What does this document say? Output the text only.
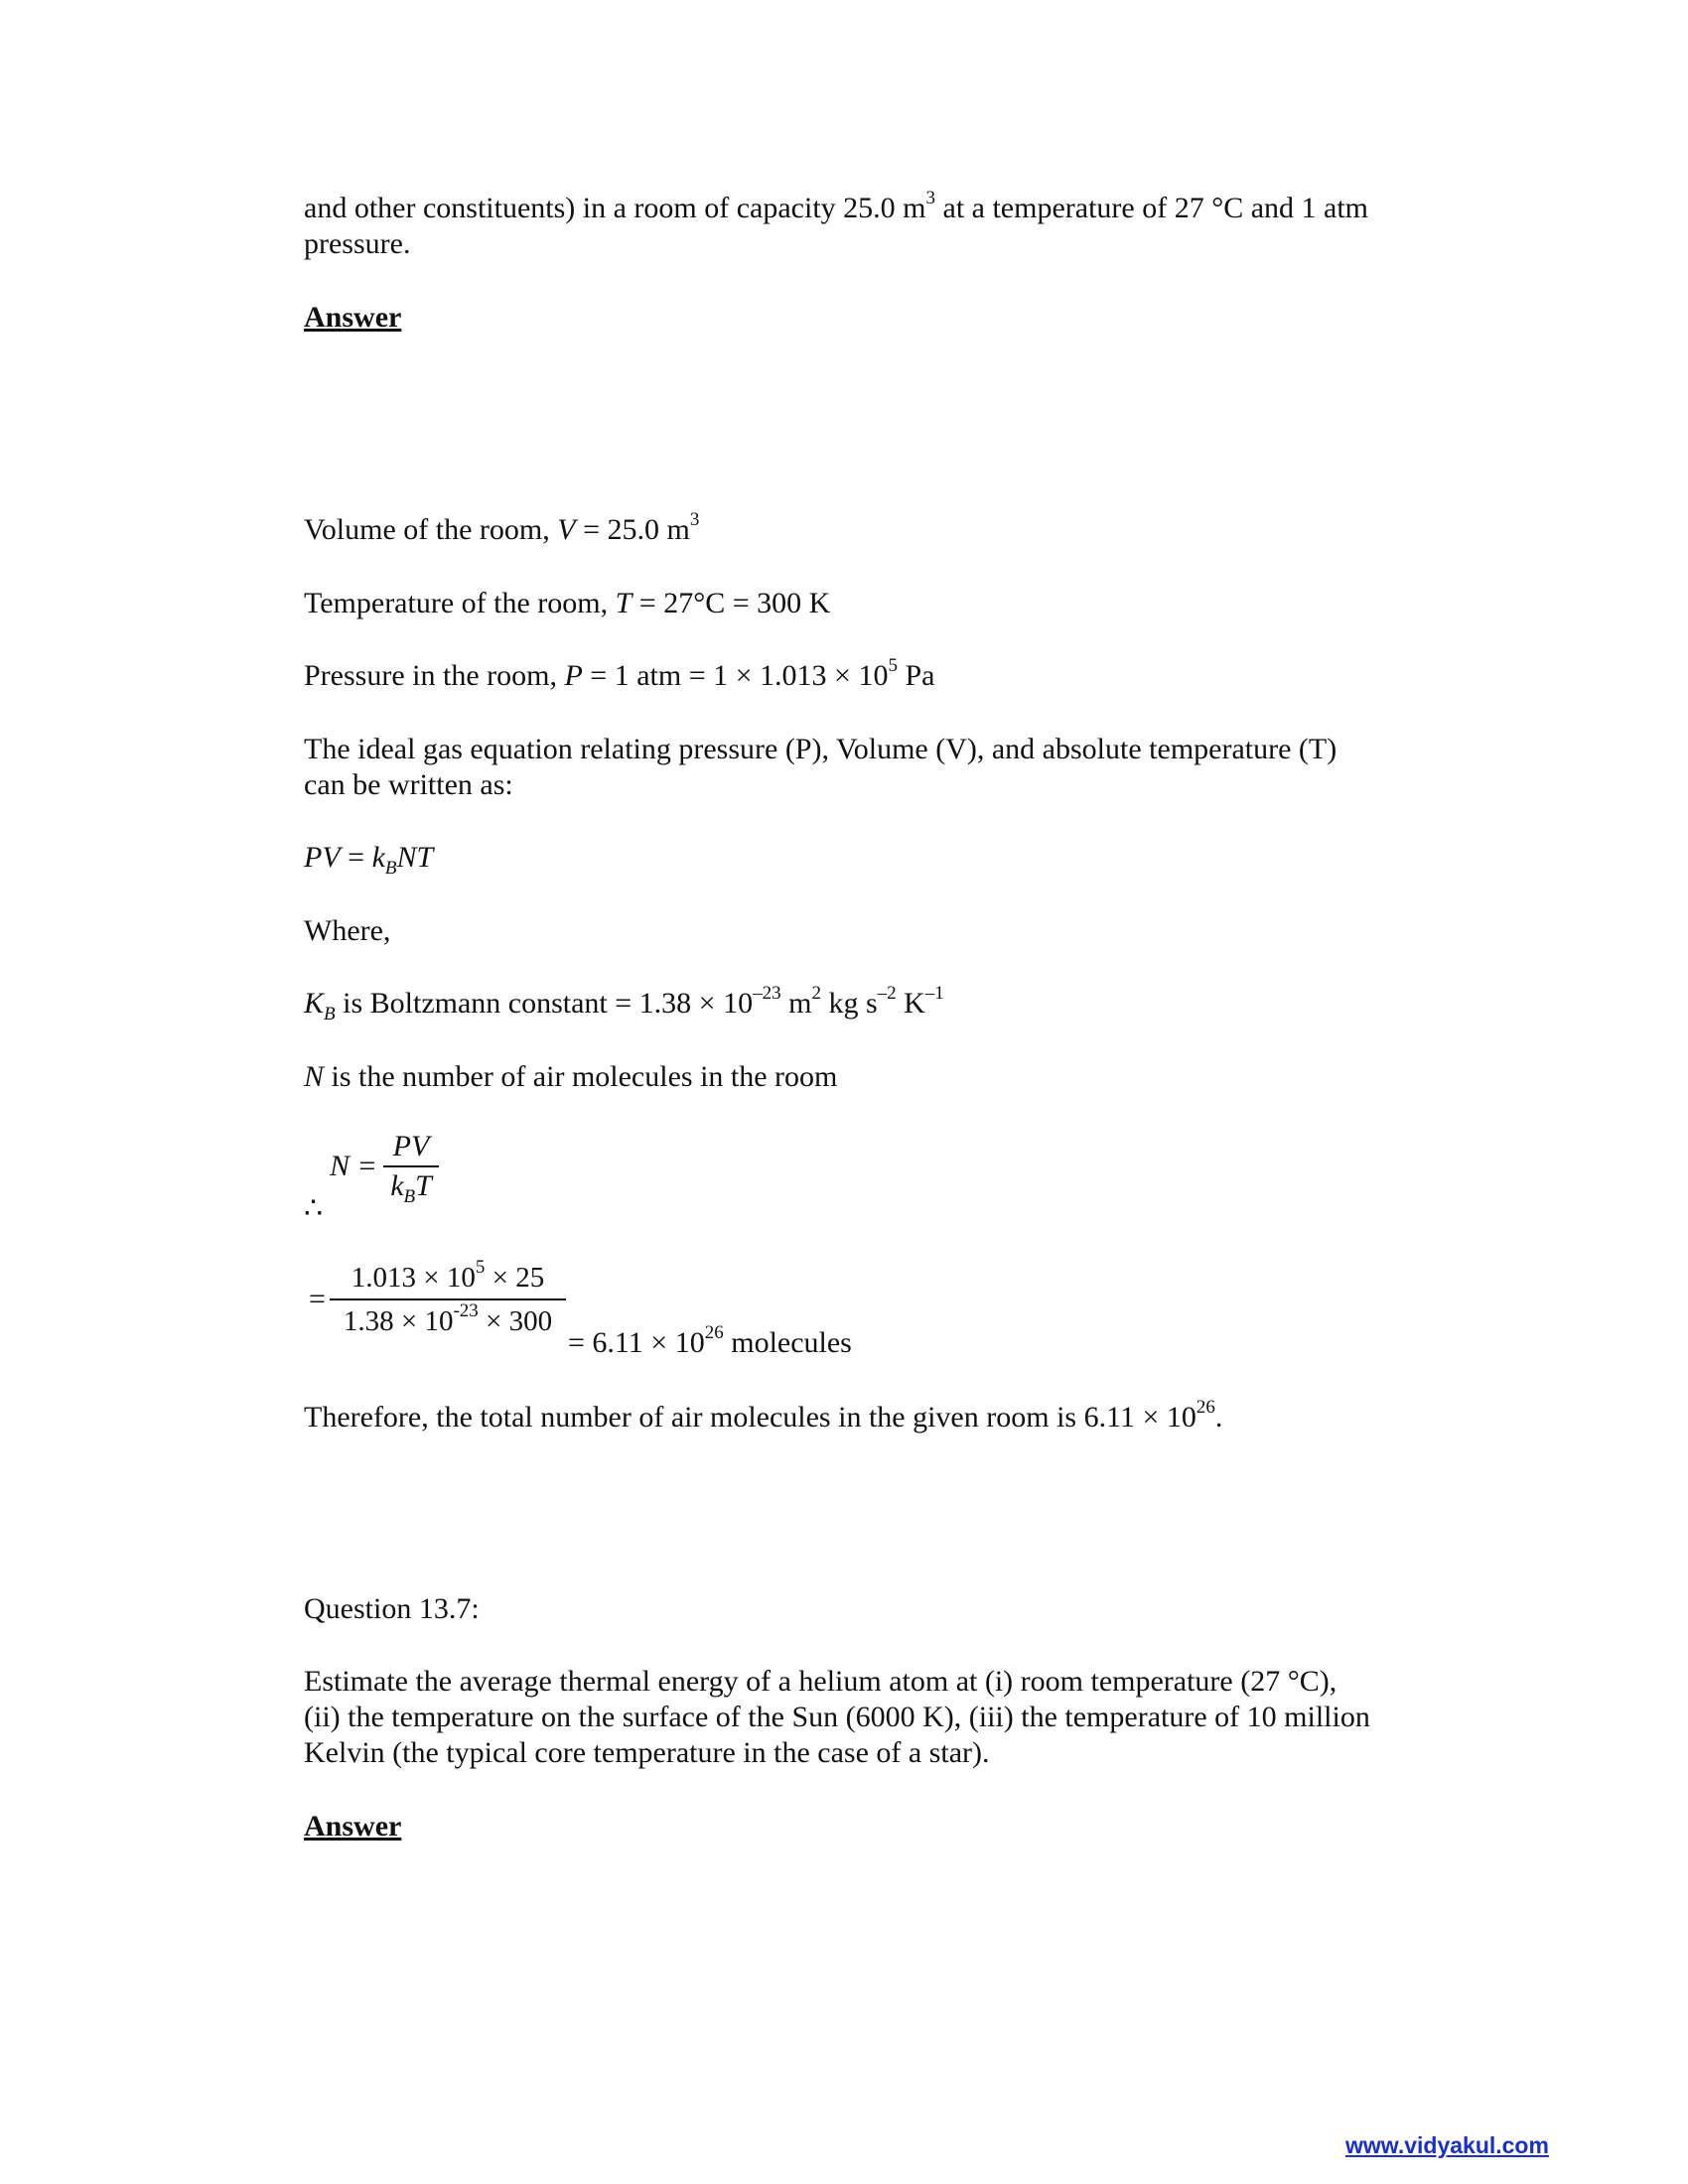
and other constituents) in a room of capacity 25.0 $m^3$ at a temperature of 27 °C and 1 atm
pressure.
Answer
Volume of the room, V = 25.0 $m^3$
Temperature of the room, T = 27°C = 300 K
Pressure in the room, P = 1 atm = $1 \times 1.013 \times 10^5$ Pa
The ideal gas equation relating pressure (P), Volume (V), and absolute temperature (T)
can be written as:
PV = $k_BNT$
Where,
$K_B$ is Boltzmann constant = $1.38 \times 10^{-23}$ $m^2$ kg $s^{-2}$ $K^{-1}$
N is the number of air molecules in the room
N =
PV
$k_BT$
∴
= $\frac{1.013 \times 10^5 \times 25}{1.38 \times 10^{-23} \times 300}$
= $6.11 \times 10^{26}$ molecules
Therefore, the total number of air molecules in the given room is $6.11 \times 10^{26}$.
Question 13.7:
Estimate the average thermal energy of a helium atom at (i) room temperature (27 °C),
(ii) the temperature on the surface of the Sun (6000 K), (iii) the temperature of 10 million
Kelvin (the typical core temperature in the case of a star).
Answer
www.vidyakul.com
